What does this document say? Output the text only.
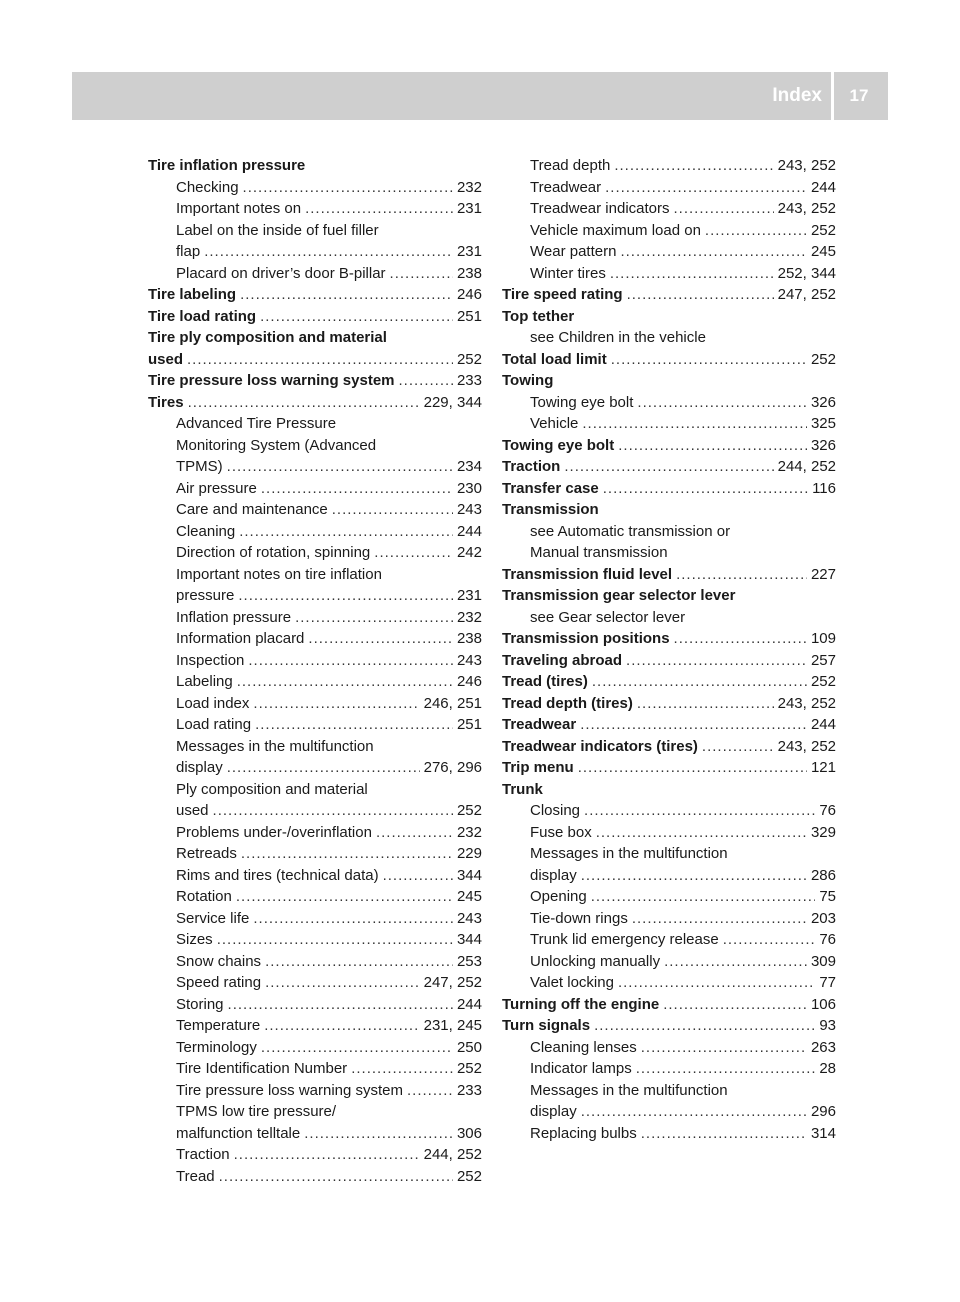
Index	17
Tire inflation pressure
Checking .....	232
Important notes on .....	231
Label on the inside of fuel filler
flap .....	231
Placard on driver’s door B-pillar .....	238
Tire labeling .....	246
Tire load rating .....	251
Tire ply composition and material
used .....	252
Tire pressure loss warning system .....	233
Tires .....	229, 344
Advanced Tire Pressure
Monitoring System (Advanced
TPMS) .....	234
Air pressure .....	230
Care and maintenance .....	243
Cleaning .....	244
Direction of rotation, spinning .....	242
Important notes on tire inflation
pressure .....	231
Inflation pressure .....	232
Information placard .....	238
Inspection .....	243
Labeling .....	246
Load index .....	246, 251
Load rating .....	251
Messages in the multifunction
display .....	276, 296
Ply composition and material
used .....	252
Problems under-/overinflation .....	232
Retreads .....	229
Rims and tires (technical data) .....	344
Rotation .....	245
Service life .....	243
Sizes .....	344
Snow chains .....	253
Speed rating .....	247, 252
Storing .....	244
Temperature .....	231, 245
Terminology .....	250
Tire Identification Number .....	252
Tire pressure loss warning system .....	233
TPMS low tire pressure/
malfunction telltale .....	306
Traction .....	244, 252
Tread .....	252
Tread depth .....	243, 252
Treadwear .....	244
Treadwear indicators .....	243, 252
Vehicle maximum load on .....	252
Wear pattern .....	245
Winter tires .....	252, 344
Tire speed rating .....	247, 252
Top tether
see Children in the vehicle
Total load limit .....	252
Towing
Towing eye bolt .....	326
Vehicle .....	325
Towing eye bolt .....	326
Traction .....	244, 252
Transfer case .....	116
Transmission
see Automatic transmission or
Manual transmission
Transmission fluid level .....	227
Transmission gear selector lever
see Gear selector lever
Transmission positions .....	109
Traveling abroad .....	257
Tread (tires) .....	252
Tread depth (tires) .....	243, 252
Treadwear .....	244
Treadwear indicators (tires) .....	243, 252
Trip menu .....	121
Trunk
Closing .....	76
Fuse box .....	329
Messages in the multifunction
display .....	286
Opening .....	75
Tie-down rings .....	203
Trunk lid emergency release .....	76
Unlocking manually .....	309
Valet locking .....	77
Turning off the engine .....	106
Turn signals .....	93
Cleaning lenses .....	263
Indicator lamps .....	28
Messages in the multifunction
display .....	296
Replacing bulbs .....	314
